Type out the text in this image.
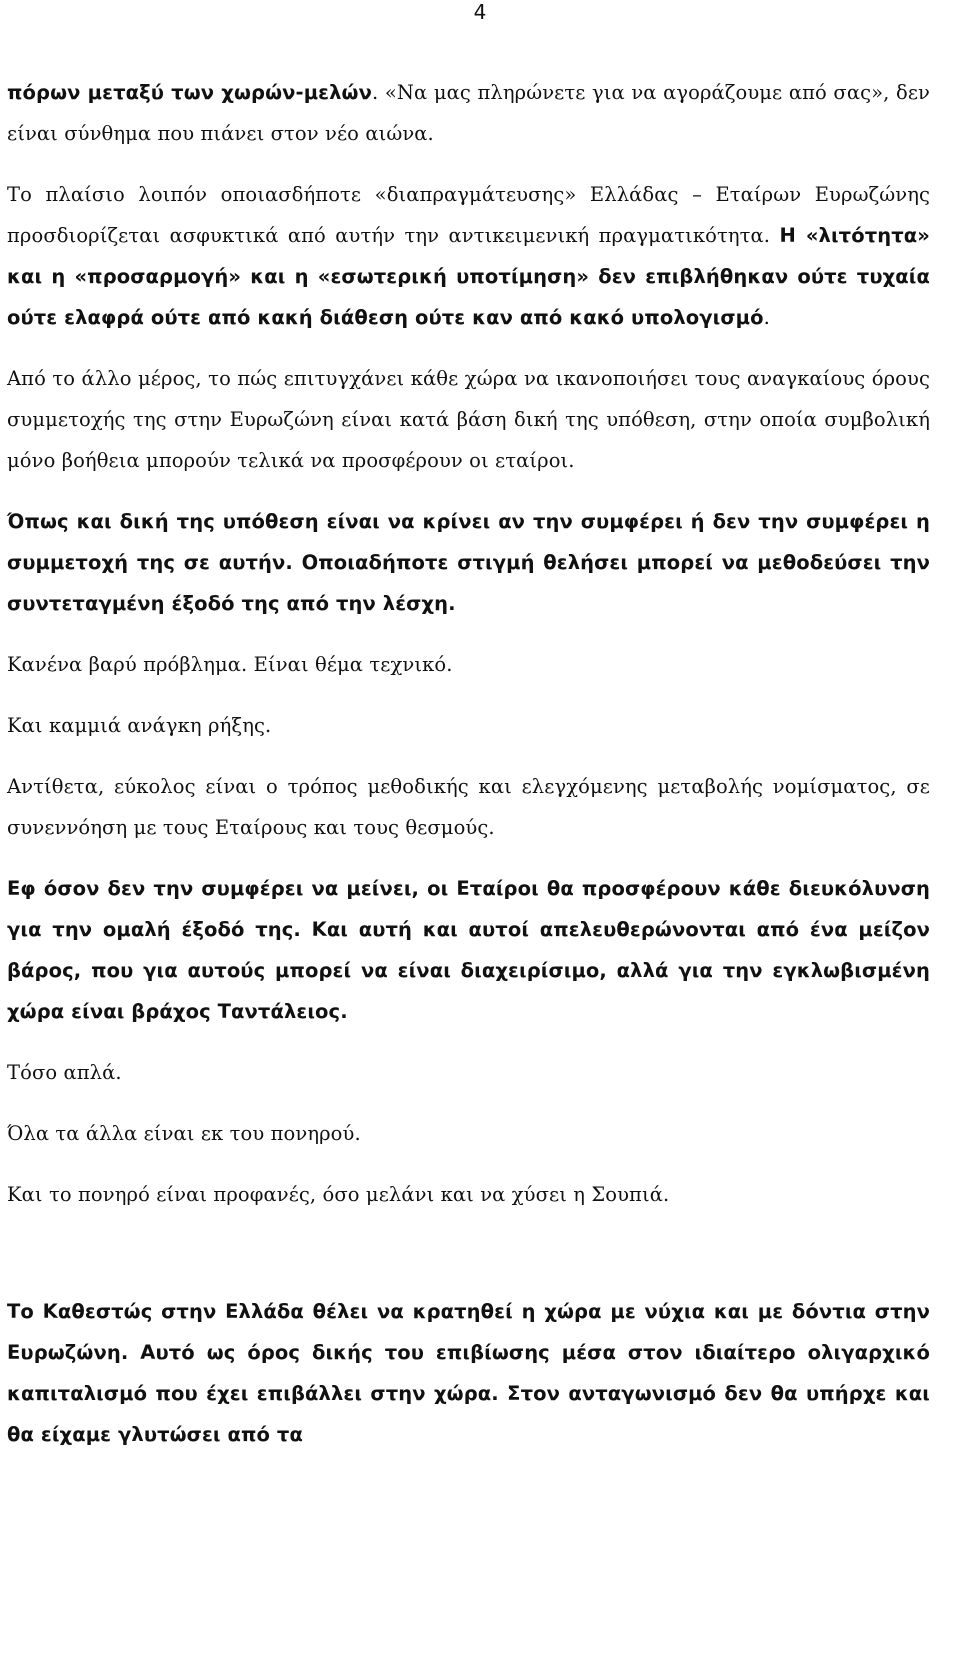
4

πόρων μεταξύ των χωρών-μελών. «Να μας πληρώνετε για να αγοράζουμε από σας», δεν είναι σύνθημα που πιάνει στον νέο αιώνα.

Το πλαίσιο λοιπόν οποιασδήποτε «διαπραγμάτευσης» Ελλάδας – Εταίρων Ευρωζώνης προσδιορίζεται ασφυκτικά από αυτήν την αντικειμενική πραγματικότητα. Η «λιτότητα» και η «προσαρμογή» και η «εσωτερική υποτίμηση» δεν επιβλήθηκαν ούτε τυχαία ούτε ελαφρά ούτε από κακή διάθεση ούτε καν από κακό υπολογισμό.

Από το άλλο μέρος, το πώς επιτυγχάνει κάθε χώρα να ικανοποιήσει τους αναγκαίους όρους συμμετοχής της στην Ευρωζώνη είναι κατά βάση δική της υπόθεση, στην οποία συμβολική μόνο βοήθεια μπορούν τελικά να προσφέρουν οι εταίροι.

Όπως και δική της υπόθεση είναι να κρίνει αν την συμφέρει ή δεν την συμφέρει η συμμετοχή της σε αυτήν. Οποιαδήποτε στιγμή θελήσει μπορεί να μεθοδεύσει την συντεταγμένη έξοδό της από την λέσχη.

Κανένα βαρύ πρόβλημα. Είναι θέμα τεχνικό.

Και καμμιά ανάγκη ρήξης.

Αντίθετα, εύκολος είναι ο τρόπος μεθοδικής και ελεγχόμενης μεταβολής νομίσματος, σε συνεννόηση με τους Εταίρους και τους θεσμούς.

Εφ όσον δεν την συμφέρει να μείνει, οι Εταίροι θα προσφέρουν κάθε διευκόλυνση για την ομαλή έξοδό της. Και αυτή και αυτοί απελευθερώνονται από ένα μείζον βάρος, που για αυτούς μπορεί να είναι διαχειρίσιμο, αλλά για την εγκλωβισμένη χώρα είναι βράχος Ταντάλειος.

Τόσο απλά.

Όλα τα άλλα είναι εκ του πονηρού.

Και το πονηρό είναι προφανές, όσο μελάνι και να χύσει η Σουπιά.

Το Καθεστώς στην Ελλάδα θέλει να κρατηθεί η χώρα με νύχια και με δόντια στην Ευρωζώνη. Αυτό ως όρος δικής του επιβίωσης μέσα στον ιδιαίτερο ολιγαρχικό καπιταλισμό που έχει επιβάλλει στην χώρα. Στον ανταγωνισμό δεν θα υπήρχε και θα είχαμε γλυτώσει από τα
